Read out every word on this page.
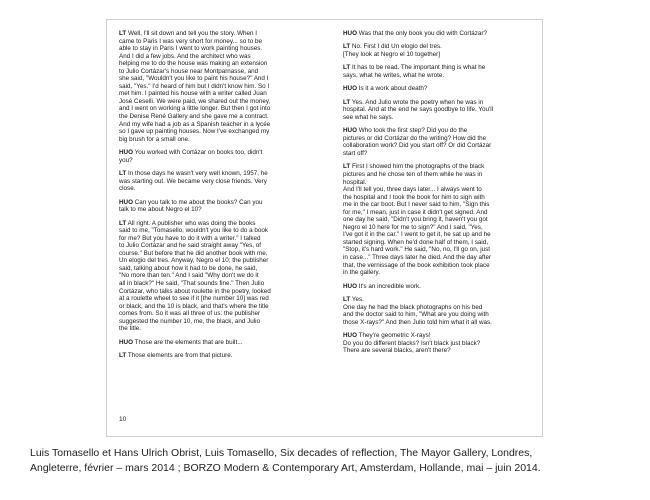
LT Well, I'll sit down and tell you the story. When I
came to Paris I was very short for money... so to be
able to stay in Paris I went to work painting houses.
And I did a few jobs. And the architect who was
helping me to do the house was making an extension
to Julio Cortázar's house near Montparnasse, and
she said, "Wouldn't you like to paint his house?" And I
said, "Yes." I'd heard of him but I didn't know him. So I
met him. I painted his house with a writer called Juan
José Ceselli. We were paid, we shared out the money,
and I went on working a little longer. But then I got into
the Denise René Gallery and she gave me a contract.
And my wife had a job as a Spanish teacher in a lycée
so I gave up painting houses. Now I've exchanged my
big brush for a small one.
HUO You worked with Cortázar on books too, didn't
you?
LT In those days he wasn't very well known, 1957, he
was starting out. We became very close friends. Very
close.
HUO Can you talk to me about the books? Can you
talk to me about Negro el 10?
LT All right. A publisher who was doing the books
said to me, "Tomasello, wouldn't you like to do a book
for me? But you have to do it with a writer." I talked
to Julio Cortázar and he said straight away "Yes, of
course." But before that he did another book with me,
Un elogio del tres. Anyway, Negro el 10; the publisher
said, talking about how it had to be done, he said,
"No more than ten." And I said "Why don't we do it
all in black?" He said, "That sounds fine." Then Julio
Cortázar, who talks about roulette in the poetry, looked
at a roulette wheel to see if it [the number 10] was red
or black, and the 10 is black, and that's where the title
comes from. So it was all three of us: the publisher
suggested the number 10, me, the black, and Julio
the title.
HUO Those are the elements that are built...
LT Those elements are from that picture.
HUO Was that the only book you did with Cortázar?
LT No. First I did Un elogio del tres.
[They look at Negro el 10 together]
LT It has to be read. The important thing is what he
says, what he writes, what he wrote.
HUO Is it a work about death?
LT Yes. And Julio wrote the poetry when he was in
hospital. And at the end he says goodbye to life. You'll
see what he says.
HUO Who took the first step? Did you do the
pictures or did Cortázar do the writing? How did the
collaboration work? Did you start off? Or did Cortázar
start off?
LT First I showed him the photographs of the black
pictures and he chose ten of them while he was in
hospital.
And I'll tell you, three days later... I always went to
the hospital and I took the book for him to sign with
me in the car boot. But I never said to him, "Sign this
for me," I mean, just in case it didn't get signed. And
one day he said, "Didn't you bring it, haven't you got
Negro el 10 here for me to sign?" And I said, "Yes,
I've got it in the car." I went to get it, he sat up and he
started signing. When he'd done half of them, I said,
"Stop, it's hard work." He said, "No, no, I'll go on, just
in case..." Three days later he died. And the day after
that, the vernissage of the book exhibition took place
in the gallery.
HUO It's an incredible work.
LT Yes.
One day he had the black photographs on his bed
and the doctor said to him, "What are you doing with
those X-rays?" And then Julio told him what it all was.
HUO They're geometric X-rays!
Do you do different blacks? Isn't black just black?
There are several blacks, aren't there?
10
Luis Tomasello et Hans Ulrich Obrist, Luis Tomasello, Six decades of reflection, The Mayor Gallery, Londres,
Angleterre, février – mars 2014 ; BORZO Modern & Contemporary Art, Amsterdam, Hollande, mai – juin 2014.
